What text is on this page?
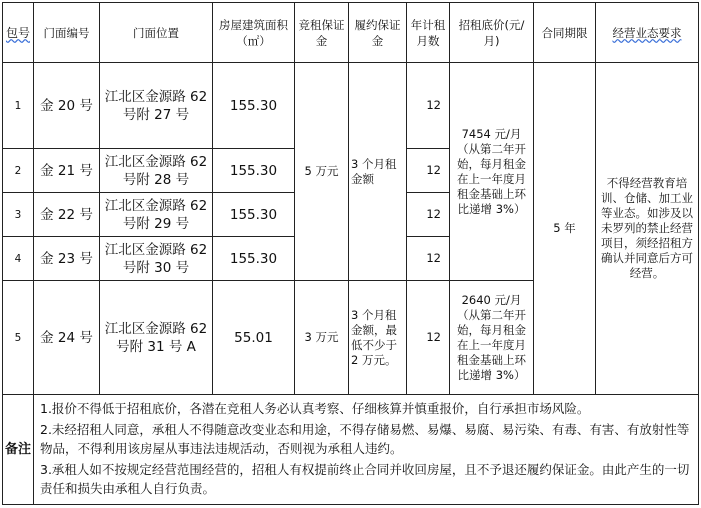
包号	门面编号	门面位置	房屋建筑面积（㎡）	竞租保证金	履约保证金	年计租月数	招租底价(元/月)	合同期限	经营业态要求
1	金 20 号	江北区金源路 62 号附 27 号	155.30	5 万元	3 个月租金额	12	7454 元/月（从第二年开始，每月租金在上一年度月租金基础上环比递增 3%）	5 年	不得经营教育培训、仓储、加工业等业态。如涉及以未罗列的禁止经营项目，须经招租方确认并同意后方可经营。
2	金 21 号	江北区金源路 62 号附 28 号	155.30			12			
3	金 22 号	江北区金源路 62 号附 29 号	155.30			12			
4	金 23 号	江北区金源路 62 号附 30 号	155.30			12			
5	金 24 号	江北区金源路 62 号附 31 号 A	55.01	3 万元	3 个月租金额，最低不少于 2 万元。	12	2640 元/月（从第二年开始，每月租金在上一年度月租金基础上环比递增 3%）		
备注	1.报价不得低于招租底价，各潜在竞租人务必认真考察、仔细核算并慎重报价，自行承担市场风险。

2.未经招租人同意，承租人不得随意改变业态和用途，不得存储易燃、易爆、易腐、易污染、有毒、有害、有放射性等物品，不得利用该房屋从事违法违规活动，否则视为承租人违约。

3.承租人如不按规定经营范围经营的，招租人有权提前终止合同并收回房屋，且不予退还履约保证金。由此产生的一切责任和损失由承租人自行负责。								
